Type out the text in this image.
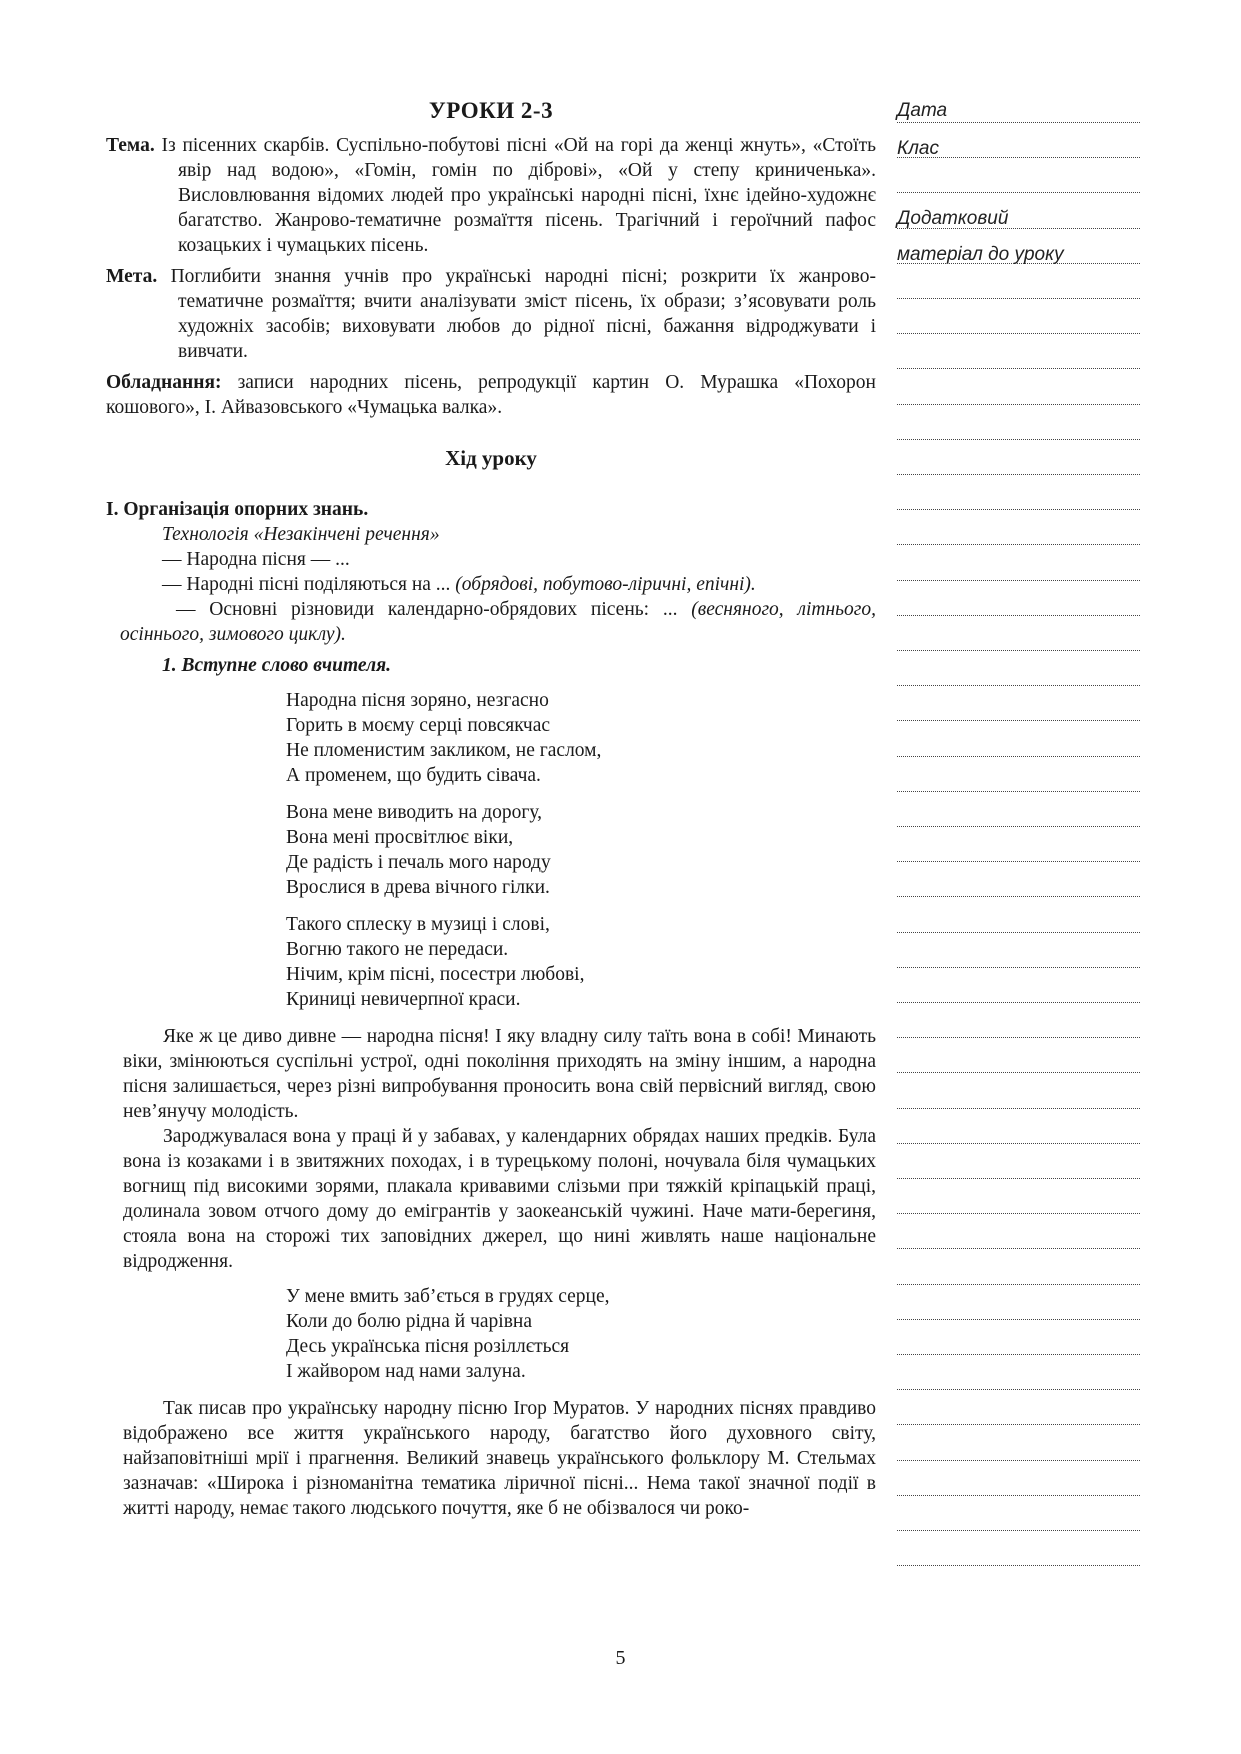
УРОКИ 2-3
Тема. Із пісенних скарбів. Суспільно-побутові пісні «Ой на горі да женці жнуть», «Стоїть явір над водою», «Гомін, гомін по діброві», «Ой у степу криниченька». Висловлювання відомих людей про українські народні пісні, їхнє ідейно-художнє багатство. Жанрово-тематичне розмаїття пісень. Трагічний і героїчний пафос козацьких і чумацьких пісень.
Мета. Поглибити знання учнів про українські народні пісні; розкрити їх жанрово-тематичне розмаїття; вчити аналізувати зміст пісень, їх образи; з’ясовувати роль художніх засобів; виховувати любов до рідної пісні, бажання відроджувати і вивчати.
Обладнання: записи народних пісень, репродукції картин О. Мурашка «Похорон кошового», І. Айвазовського «Чумацька валка».
Хід уроку
І. Організація опорних знань.
Технологія «Незакінчені речення»
— Народна пісня — ...
— Народні пісні поділяються на ... (обрядові, побутово-ліричні, епічні).
— Основні різновиди календарно-обрядових пісень: ... (весняного, літнього, осіннього, зимового циклу).
1. Вступне слово вчителя.
Народна пісня зоряно, незгасно
Горить в моєму серці повсякчас
Не пломенистим закликом, не гаслом,
А променем, що будить сівача.
Вона мене виводить на дорогу,
Вона мені просвітлює віки,
Де радість і печаль мого народу
Врослися в древа вічного гілки.
Такого сплеску в музиці і слові,
Вогню такого не передаси.
Нічим, крім пісні, посестри любові,
Криниці невичерпної краси.

Яке ж це диво дивне — народна пісня! І яку владну силу таїть вона в собі! Минають віки, змінюються суспільні устрої, одні покоління приходять на зміну іншим, а народна пісня залишається, через різні випробування проносить вона свій первісний вигляд, свою нев’янучу молодість.

Зароджувалася вона у праці й у забавах, у календарних обрядах наших предків. Була вона із козаками і в звитяжних походах, і в турецькому полоні, ночувала біля чумацьких вогнищ під високими зорями, плакала кривавими слізьми при тяжкій кріпацькій праці, долинала зовом отчого дому до емігрантів у заокеанській чужині. Наче мати-берегиня, стояла вона на сторожі тих заповідних джерел, що нині живлять наше національне відродження.

У мене вмить заб’ється в грудях серце,
Коли до болю рідна й чарівна
Десь українська пісня розіллється
І жайвором над нами залуна.

Так писав про українську народну пісню Ігор Муратов. У народних піснях правдиво відображено все життя українського народу, багатство його духовного світу, найзаповітніші мрії і прагнення. Великий знавець українського фольклору М. Стельмах зазначав: «Широка і різноманітна тематика ліричної пісні... Нема такої значної події в житті народу, немає такого людського почуття, яке б не обізвалося чи роко-

Дата
Клас
Додатковий
матеріал до уроку
5
